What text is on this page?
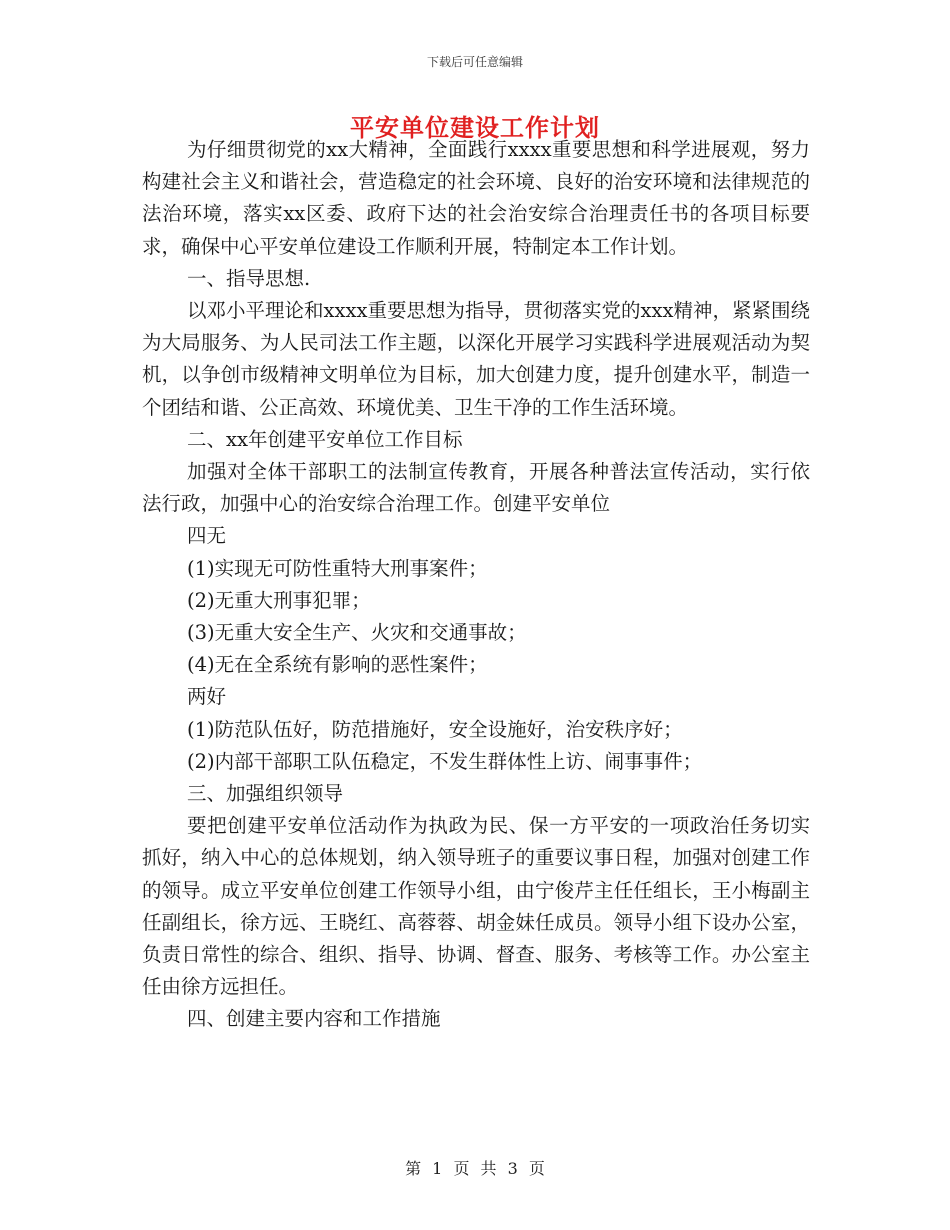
下载后可任意编辑
平安单位建设工作计划

为仔细贯彻党的xx大精神，全面践行xxxx重要思想和科学进展观，努力构建社会主义和谐社会，营造稳定的社会环境、良好的治安环境和法律规范的法治环境，落实xx区委、政府下达的社会治安综合治理责任书的各项目标要求，确保中心平安单位建设工作顺利开展，特制定本工作计划。

一、指导思想.

以邓小平理论和xxxx重要思想为指导，贯彻落实党的xxx精神，紧紧围绕为大局服务、为人民司法工作主题，以深化开展学习实践科学进展观活动为契机，以争创市级精神文明单位为目标，加大创建力度，提升创建水平，制造一个团结和谐、公正高效、环境优美、卫生干净的工作生活环境。

二、xx年创建平安单位工作目标

加强对全体干部职工的法制宣传教育，开展各种普法宣传活动，实行依法行政，加强中心的治安综合治理工作。创建平安单位

四无

(1)实现无可防性重特大刑事案件；

(2)无重大刑事犯罪；

(3)无重大安全生产、火灾和交通事故；

(4)无在全系统有影响的恶性案件；

两好

(1)防范队伍好，防范措施好，安全设施好，治安秩序好；

(2)内部干部职工队伍稳定，不发生群体性上访、闹事事件；

三、加强组织领导

要把创建平安单位活动作为执政为民、保一方平安的一项政治任务切实抓好，纳入中心的总体规划，纳入领导班子的重要议事日程，加强对创建工作的领导。成立平安单位创建工作领导小组，由宁俊芹主任任组长，王小梅副主任副组长，徐方远、王晓红、高蓉蓉、胡金妹任成员。领导小组下设办公室，负责日常性的综合、组织、指导、协调、督查、服务、考核等工作。办公室主任由徐方远担任。

四、创建主要内容和工作措施

第 1 页 共 3 页
